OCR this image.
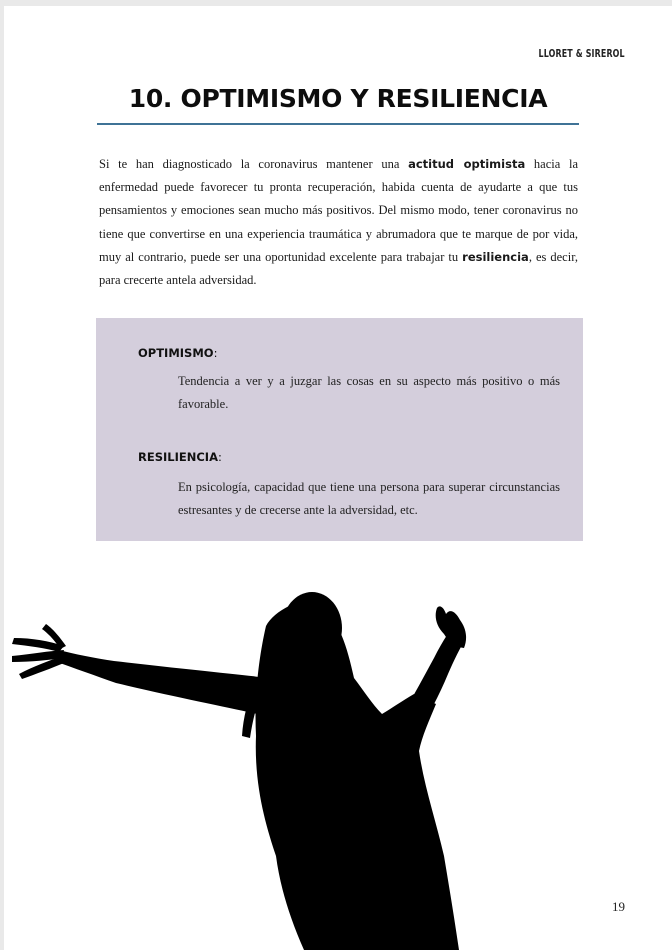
LLORET & SIREROL
10. OPTIMISMO Y RESILIENCIA

Si te han diagnosticado la coronavirus mantener una actitud optimista hacia la enfermedad puede favorecer tu pronta recuperación, habida cuenta de ayudarte a que tus pensamientos y emociones sean mucho más positivos. Del mismo modo, tener coronavirus no tiene que convertirse en una experiencia traumática y abrumadora que te marque de por vida, muy al contrario, puede ser una oportunidad excelente para trabajar tu resiliencia, es decir, para crecerte antela adversidad.

OPTIMISMO:
Tendencia a ver y a juzgar las cosas en su aspecto más positivo o más favorable.
RESILIENCIA:
En psicología, capacidad que tiene una persona para superar circunstancias estresantes y de crecerse ante la adversidad, etc.
19
